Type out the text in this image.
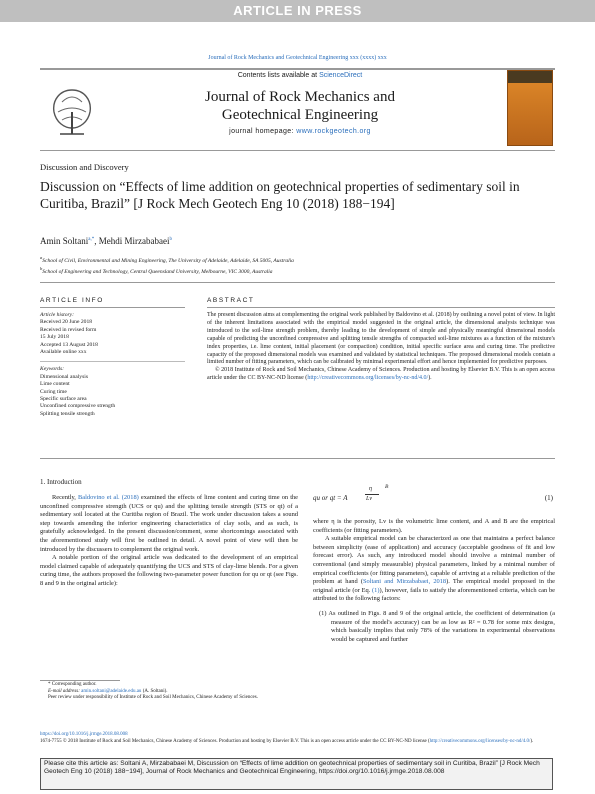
ARTICLE IN PRESS
Journal of Rock Mechanics and Geotechnical Engineering xxx (xxxx) xxx
Contents lists available at ScienceDirect
Journal of Rock Mechanics and
Geotechnical Engineering
journal homepage: www.rockgeotech.org
Discussion and Discovery
Discussion on “Effects of lime addition on geotechnical properties of sedimentary soil in Curitiba, Brazil” [J Rock Mech Geotech Eng 10 (2018) 188−194]
Amin Soltani$^{a,*}$, Mehdi Mirzababaei$^b$
$^a$School of Civil, Environmental and Mining Engineering, The University of Adelaide, Adelaide, SA 5005, Australia
$^b$School of Engineering and Technology, Central Queensland University, Melbourne, VIC 3000, Australia
ARTICLE INFO	ABSTRACT
Article history:
Received 20 June 2018
Received in revised form
15 July 2018
Accepted 13 August 2018
Available online xxx
Keywords:
Dimensional analysis
Lime content
Curing time
Specific surface area
Unconfined compressive strength
Splitting tensile strength
The present discussion aims at complementing the original work published by Baldovino et al. (2018) by outlining a novel point of view. In light of the inherent limitations associated with the empirical model suggested in the original article, the dimensional analysis technique was introduced to the soil-lime strength problem, thereby leading to the development of simple and physically meaningful dimensional models capable of predicting the unconfined compressive and splitting tensile strengths of compacted soil-lime mixtures as a function of the mixture's index properties, i.e. lime content, initial placement (or compaction) condition, initial specific surface area and curing time. The predictive capacity of the proposed dimensional models was examined and validated by statistical techniques. The proposed dimensional models contain a limited number of fitting parameters, which can be calibrated by minimal experimental effort and hence implemented for predictive purposes.
© 2018 Institute of Rock and Soil Mechanics, Chinese Academy of Sciences. Production and hosting by Elsevier B.V. This is an open access article under the CC BY-NC-ND license (http://creativecommons.org/licenses/by-nc-nd/4.0/).
1. Introduction
Recently, Baldovino et al. (2018) examined the effects of lime content and curing time on the unconfined compressive strength (UCS or qu) and the splitting tensile strength (STS or qt) of a sedimentary soil located at the Curitiba region of Brazil. The work under discussion takes a sound step towards amending the inferior engineering characteristics of clay soils, and as such, is gratefully acknowledged. In the present discussion/comment, some shortcomings associated with the aforementioned study will first be outlined in detail. A novel point of view will then be introduced by the discussers to complement the original work.
A notable portion of the original article was dedicated to the development of an empirical model claimed capable of adequately quantifying the UCS and STS of clay-lime blends. For a given curing time, the authors proposed the following two-parameter power function for qu or qt (see Figs. 8 and 9 in the original article):
qu or qt = A
η
Lv
B
(1)
where η is the porosity, Lv is the volumetric lime content, and A and B are the empirical coefficients (or fitting parameters).
A suitable empirical model can be characterized as one that maintains a perfect balance between simplicity (ease of application) and accuracy (acceptable goodness of fit and low forecast error). As such, any introduced model should involve a minimal number of conventional (and simply measurable) physical parameters, linked by a minimal number of empirical coefficients (or fitting parameters), capable of arriving at a reliable prediction of the problem at hand (Soltani and Mirzababaei, 2018). The empirical model proposed in the original article (or Eq. (1)), however, fails to satisfy the aforementioned criteria, which can be attributed to the following factors:
(1) As outlined in Figs. 8 and 9 of the original article, the coefficient of determination (a measure of the model's accuracy) can be as low as R² = 0.78 for some mix designs, which basically implies that only 78% of the variations in experimental observations would be captured and further
* Corresponding author.
E-mail address: amin.soltani@adelaide.edu.au (A. Soltani).
Peer review under responsibility of Institute of Rock and Soil Mechanics, Chinese Academy of Sciences.
https://doi.org/10.1016/j.jrmge.2018.08.008
1674-7755 © 2018 Institute of Rock and Soil Mechanics, Chinese Academy of Sciences. Production and hosting by Elsevier B.V. This is an open access article under the CC BY-NC-ND license (http://creativecommons.org/licenses/by-nc-nd/4.0/).
Please cite this article as: Soltani A, Mirzababaei M, Discussion on “Effects of lime addition on geotechnical properties of sedimentary soil in Curitiba, Brazil” [J Rock Mech Geotech Eng 10 (2018) 188−194], Journal of Rock Mechanics and Geotechnical Engineering, https://doi.org/10.1016/j.jrmge.2018.08.008
